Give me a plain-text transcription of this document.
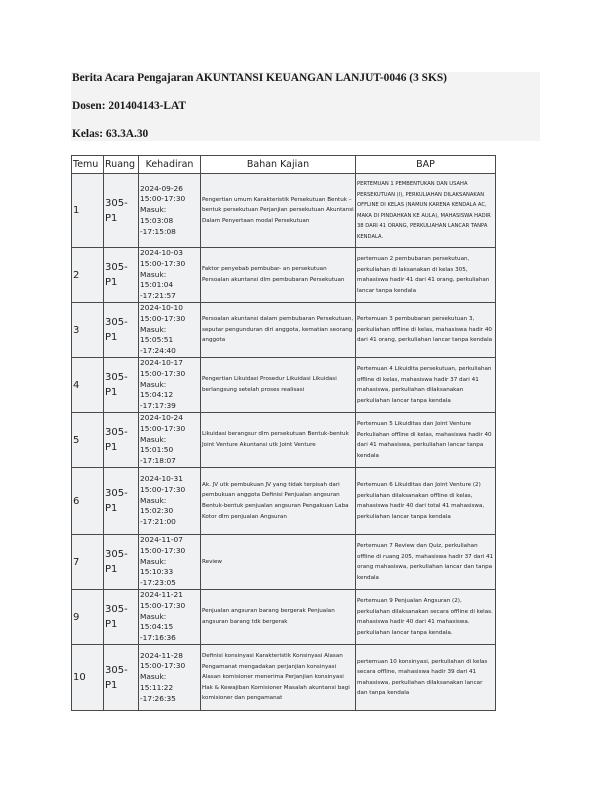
Berita Acara Pengajaran AKUNTANSI KEUANGAN LANJUT-0046 (3 SKS)
Dosen: 201404143-LAT
Kelas: 63.3A.30
Temu	Ruang	Kehadiran	Bahan Kajian	BAP
1	305-P1	2024-09-26 15:00-17:30 Masuk: 15:03:08 -17:15:08	Pengertian umum Karakteristik Persekutuan Bentuk – bentuk persekutuan Perjanjian persekutuan Akuntansi Dalam Penyertaan modal Persekutuan	PERTEMUAN 1 PEMBENTUKAN DAN USAHA PERSEKUTUAN (I), PERKULIAHAN DILAKSANAKAN OFFLINE DI KELAS (NAMUN KARENA KENDALA AC, MAKA DI PINDAHKAN KE AULA), MAHASISWA HADIR 38 DARI 41 ORANG, PERKULIAHAN LANCAR TANPA KENDALA.
2	305-P1	2024-10-03 15:00-17:30 Masuk: 15:01:04 -17:21:57	Faktor penyebab pembubar- an persekutuan Persoalan akuntansi dlm pembubaran Persekutuan	pertemuan 2 pembubaran persekutuan, perkuliahan di laksanakan di kelas 305, mahasiswa hadir 41 dari 41 orang, perkuliahan lancar tanpa kendala
3	305-P1	2024-10-10 15:00-17:30 Masuk: 15:05:51 -17:24:40	Persoalan akuntansi dalam pembubaran Persekutuan, seputar pengunduran diri anggota, kematian seorang anggota	Pertemuan 3 pembubaran persekutuan 3, perkuliahan offline di kelas, mahasiswa hadir 40 dari 41 orang, perkuliahan lancar tanpa kendala
4	305-P1	2024-10-17 15:00-17:30 Masuk: 15:04:12 -17:17:39	Pengertian Likuidasi Prosedur Likuidasi Likuidasi berlangsung setelah proses realisasi	Pertemuan 4 Likuidita persekutuan, perkuliahan offline di kelas, mahasiswa hadir 37 dari 41 mahasiswa, perkuliahan dilaksanakan perkuliahan lancar tanpa kendala
5	305-P1	2024-10-24 15:00-17:30 Masuk: 15:01:50 -17:18:07	Likuidasi berangsur dlm persekutuan Bentuk-bentuk Joint Venture Akuntansi utk Joint Venture	Pertemuan 5 Likuiditas dan Joint Venture Perkuliahan offline di kelas, mahasiswa hadir 40 dari 41 mahasiswa, perkuliahan lancar tanpa kendala
6	305-P1	2024-10-31 15:00-17:30 Masuk: 15:02:30 -17:21:00	Ak. JV utk pembukuan JV yang tidak terpisah dari pembukuan anggota Definisi Penjualan angsuran Bentuk-bentuk penjualan angsuran Pengakuan Laba Kotor dlm penjualan Angsuran	Pertemuan 6 Likuiditas dan Joint Venture (2) perkuliahan dilaksanakan offline di kelas, mahasiswa hadir 40 dari total 41 mahasiswa, perkuliahan lancar tanpa kendala
7	305-P1	2024-11-07 15:00-17:30 Masuk: 15:10:33 -17:23:05	Review	Pertemuan 7 Review dan Quiz, perkuliahan offline di ruang 205, mahasiswa hadir 37 dari 41 orang mahasiswa, perkuliahan lancar dan tanpa kendala
9	305-P1	2024-11-21 15:00-17:30 Masuk: 15:04:15 -17:16:36	Penjualan angsuran barang bergerak Penjualan angsuran barang tdk bergerak	Pertemuan 9 Penjualan Angsuran (2), perkuliahan dilaksanakan secara offline di kelas. mahasiswa hadir 40 dari 41 mahasiswa. perkuliahan lancar tanpa kendala.
10	305-P1	2024-11-28 15:00-17:30 Masuk: 15:11:22 -17:26:35	Definisi konsinyasi Karakteristik Konsinyasi Alasan Pengamanat mengadakan perjanjian konsinyasi Alasan komisioner menerima Perjanjian konsinyasi Hak & Kewajiban Komisioner Masalah akuntansi bagi komisioner dan pengamanat	pertemuan 10 konsinyasi, perkuliahan di kelas secara offline, mahasiswa hadir 39 dari 41 mahasiswa, perkuliahan dilaksanakan lancar dan tanpa kendala
